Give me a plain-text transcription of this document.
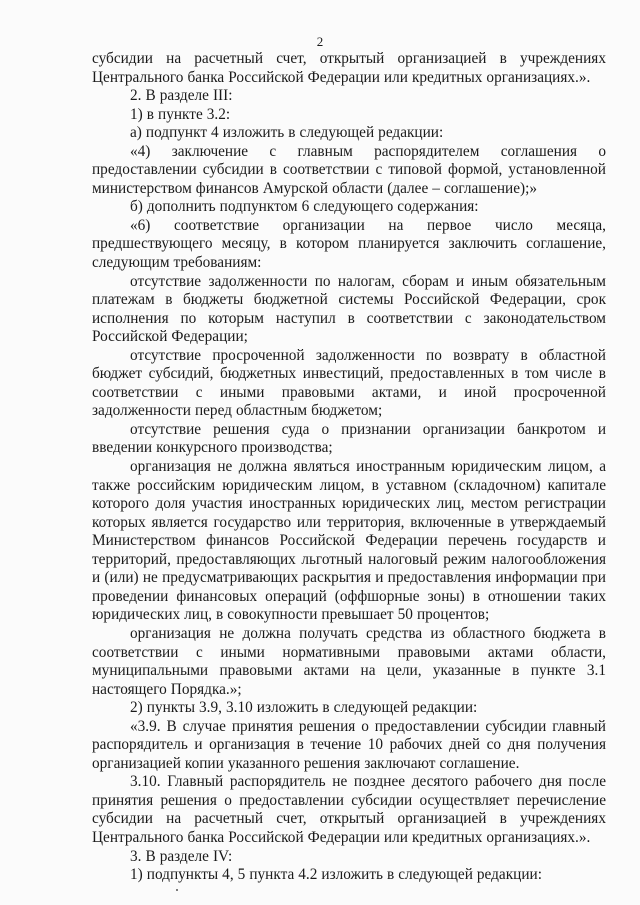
2

субсидии на расчетный счет, открытый организацией в учреждениях Центрального банка Российской Федерации или кредитных организациях.».

2. В разделе III:

1) в пункте 3.2:

а) подпункт 4 изложить в следующей редакции:

«4) заключение с главным распорядителем соглашения о предоставлении субсидии в соответствии с типовой формой, установленной министерством финансов Амурской области (далее – соглашение);»

б) дополнить подпунктом 6 следующего содержания:

«6) соответствие организации на первое число месяца, предшествующего месяцу, в котором планируется заключить соглашение, следующим требованиям:

отсутствие задолженности по налогам, сборам и иным обязательным платежам в бюджеты бюджетной системы Российской Федерации, срок исполнения по которым наступил в соответствии с законодательством Российской Федерации;

отсутствие просроченной задолженности по возврату в областной бюджет субсидий, бюджетных инвестиций, предоставленных в том числе в соответствии с иными правовыми актами, и иной просроченной задолженности перед областным бюджетом;

отсутствие решения суда о признании организации банкротом и введении конкурсного производства;

организация не должна являться иностранным юридическим лицом, а также российским юридическим лицом, в уставном (складочном) капитале которого доля участия иностранных юридических лиц, местом регистрации которых является государство или территория, включенные в утверждаемый Министерством финансов Российской Федерации перечень государств и территорий, предоставляющих льготный налоговый режим налогообложения и (или) не предусматривающих раскрытия и предоставления информации при проведении финансовых операций (оффшорные зоны) в отношении таких юридических лиц, в совокупности превышает 50 процентов;

организация не должна получать средства из областного бюджета в соответствии с иными нормативными правовыми актами области, муниципальными правовыми актами на цели, указанные в пункте 3.1 настоящего Порядка.»;

2) пункты 3.9, 3.10 изложить в следующей редакции:

«3.9. В случае принятия решения о предоставлении субсидии главный распорядитель и организация в течение 10 рабочих дней со дня получения организацией копии указанного решения заключают соглашение.

3.10. Главный распорядитель не позднее десятого рабочего дня после принятия решения о предоставлении субсидии осуществляет перечисление субсидии на расчетный счет, открытый организацией в учреждениях Центрального банка Российской Федерации или кредитных организациях.».

3. В разделе IV:

1) подпункты 4, 5 пункта 4.2 изложить в следующей редакции:
